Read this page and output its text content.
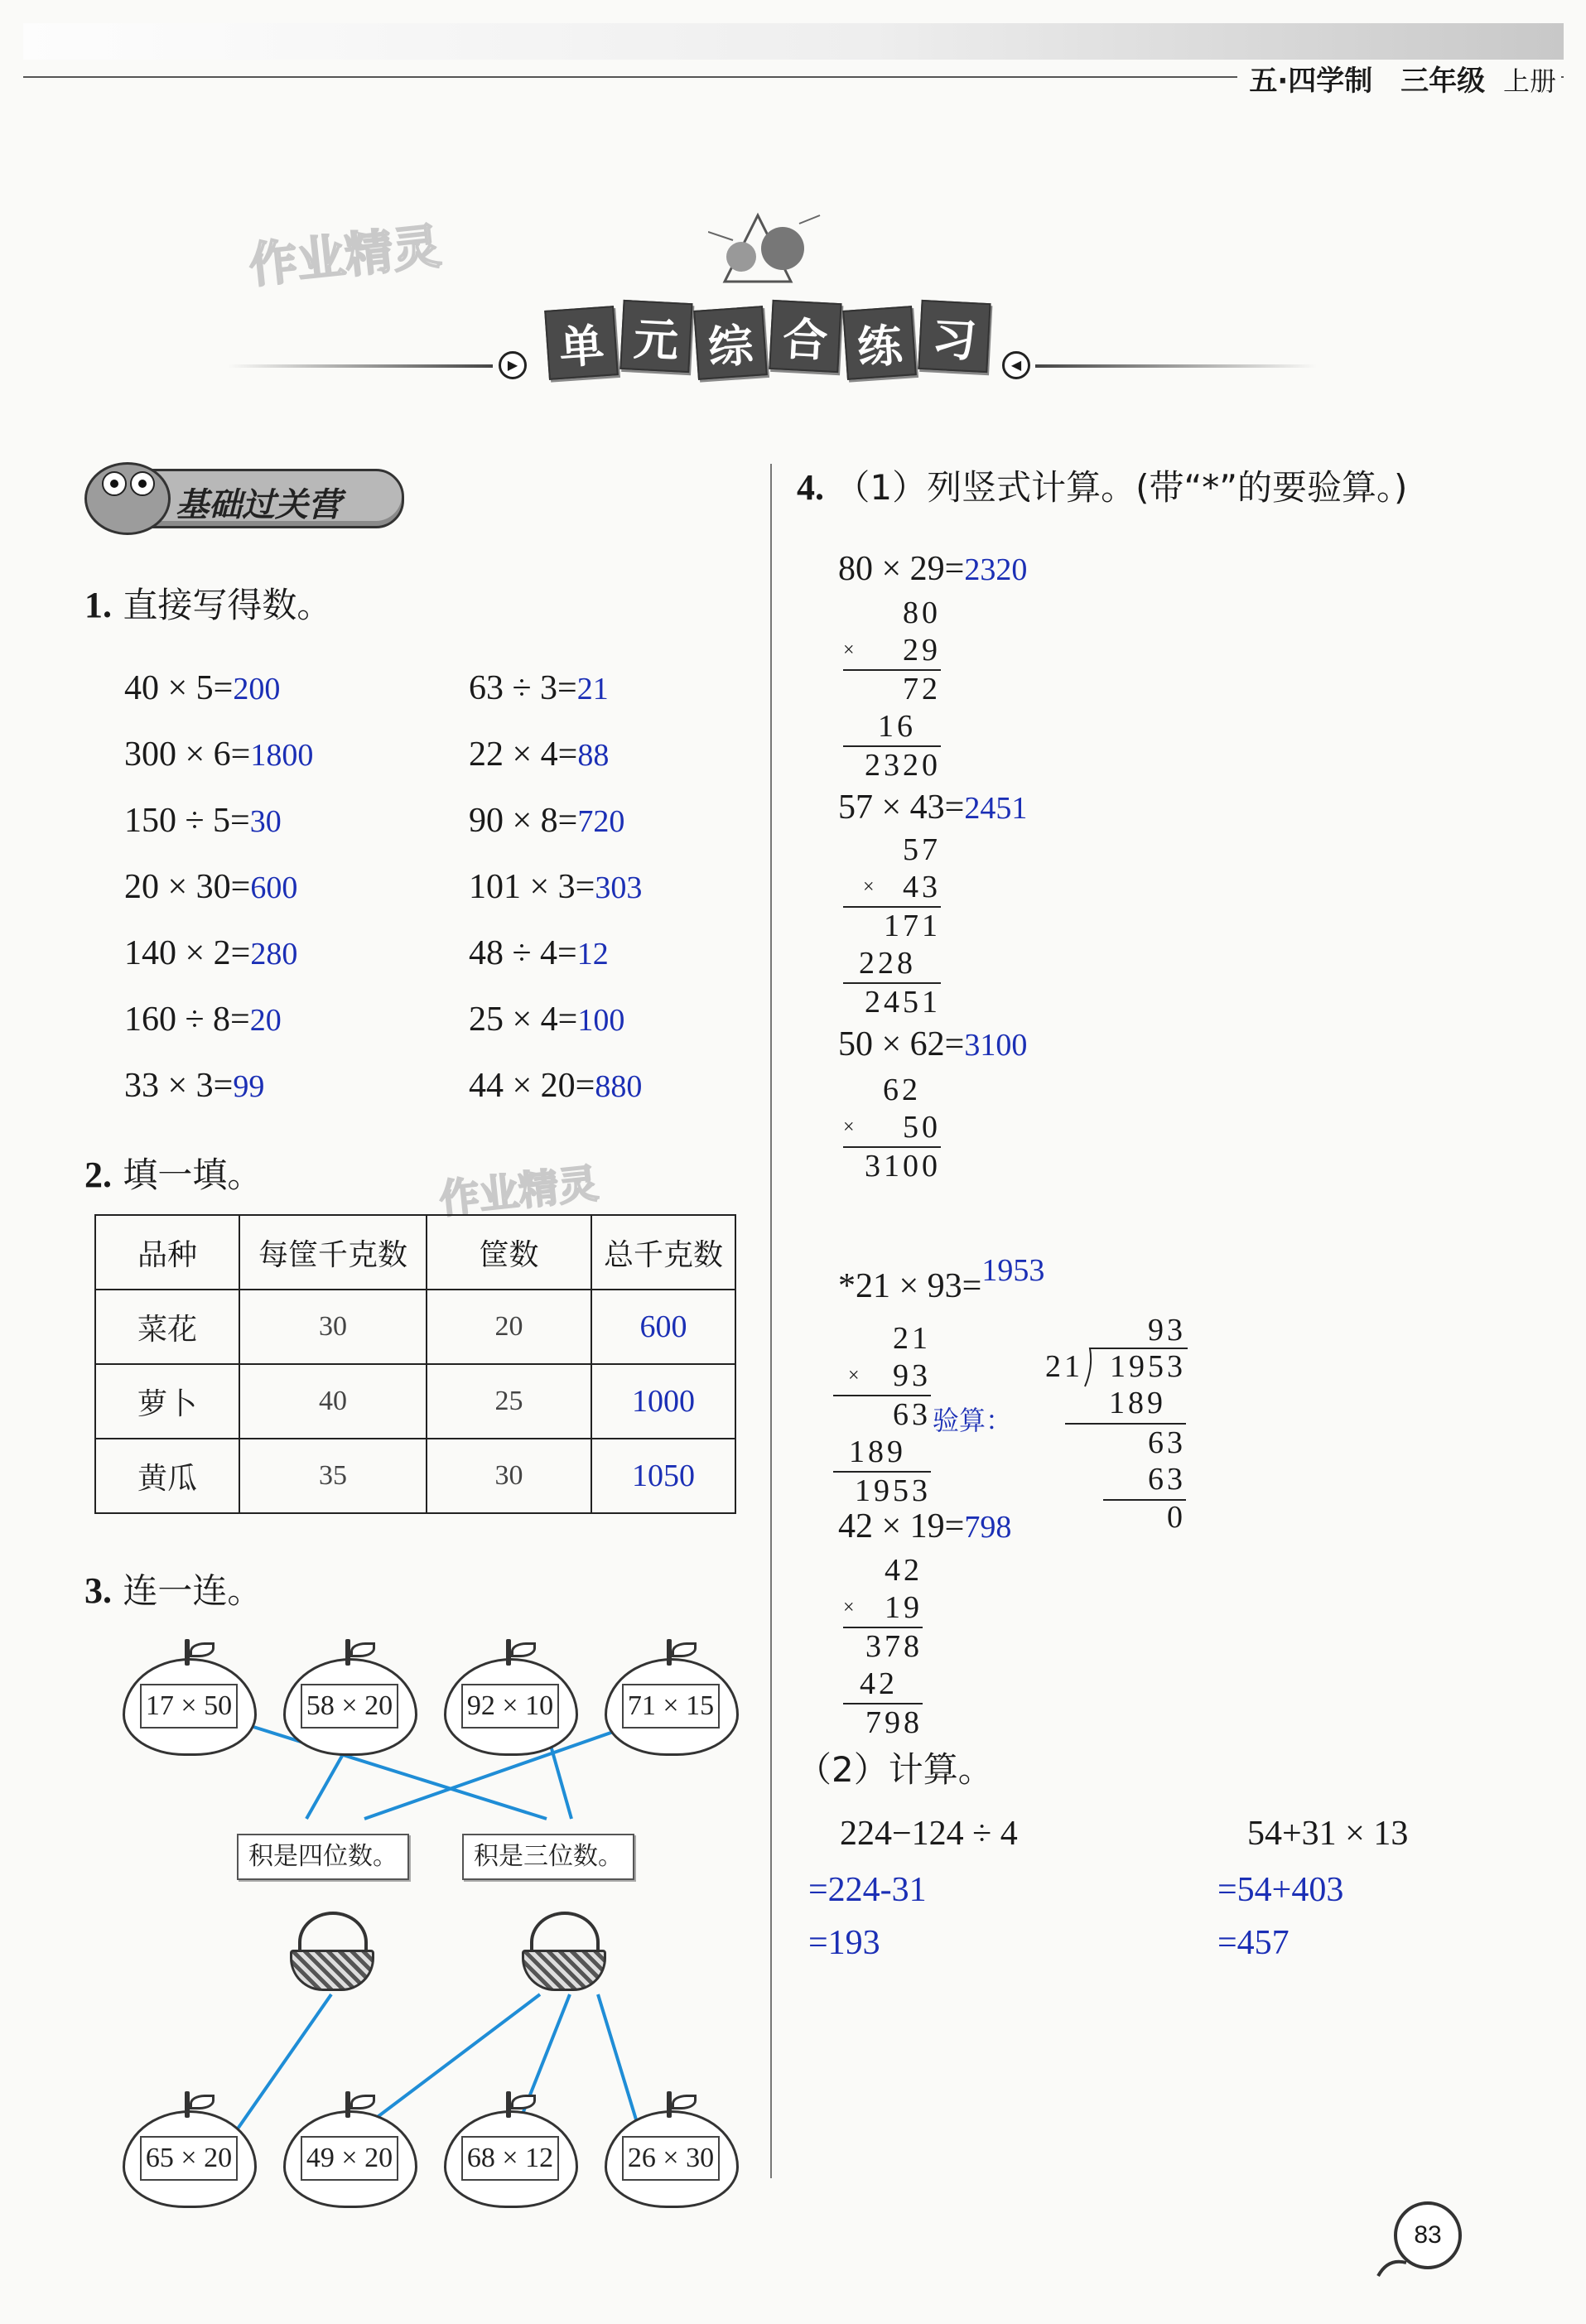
五·四学制 三年级 上册
作业精灵
作业精灵
▶	◀
单 元 综 合 练 习
基础过关营
1. 直接写得数。
40 × 5=200
300 × 6=1800
150 ÷ 5=30
20 × 30=600
140 × 2=280
160 ÷ 8=20
33 × 3=99
63 ÷ 3=21
22 × 4=88
90 × 8=720
101 × 3=303
48 ÷ 4=12
25 × 4=100
44 × 20=880
2. 填一填。
品种	每筐千克数	筐数	总千克数
菜花	30	20	600
萝卜	40	25	1000
黄瓜	35	30	1050
3. 连一连。
17 × 50	58 × 20	92 × 10	71 × 15
积是四位数。	积是三位数。
65 × 20	49 × 20	68 × 12	26 × 30
4. （1）列竖式计算。(带“*”的要验算。)
80 × 29=2320
80
× 29
72
16
2320
57 × 43=2451
57
× 43
171
228
2451
50 × 62=3100
62
× 50
3100
*21 × 93=1953
21
× 93
63
189
1953
验算：
93
21 1953
189
63
63
0
42 × 19=798
42
× 19
378
42
798
（2）计算。
224−124 ÷ 4
=224-31
=193
54+31 × 13
=54+403
=457
83
